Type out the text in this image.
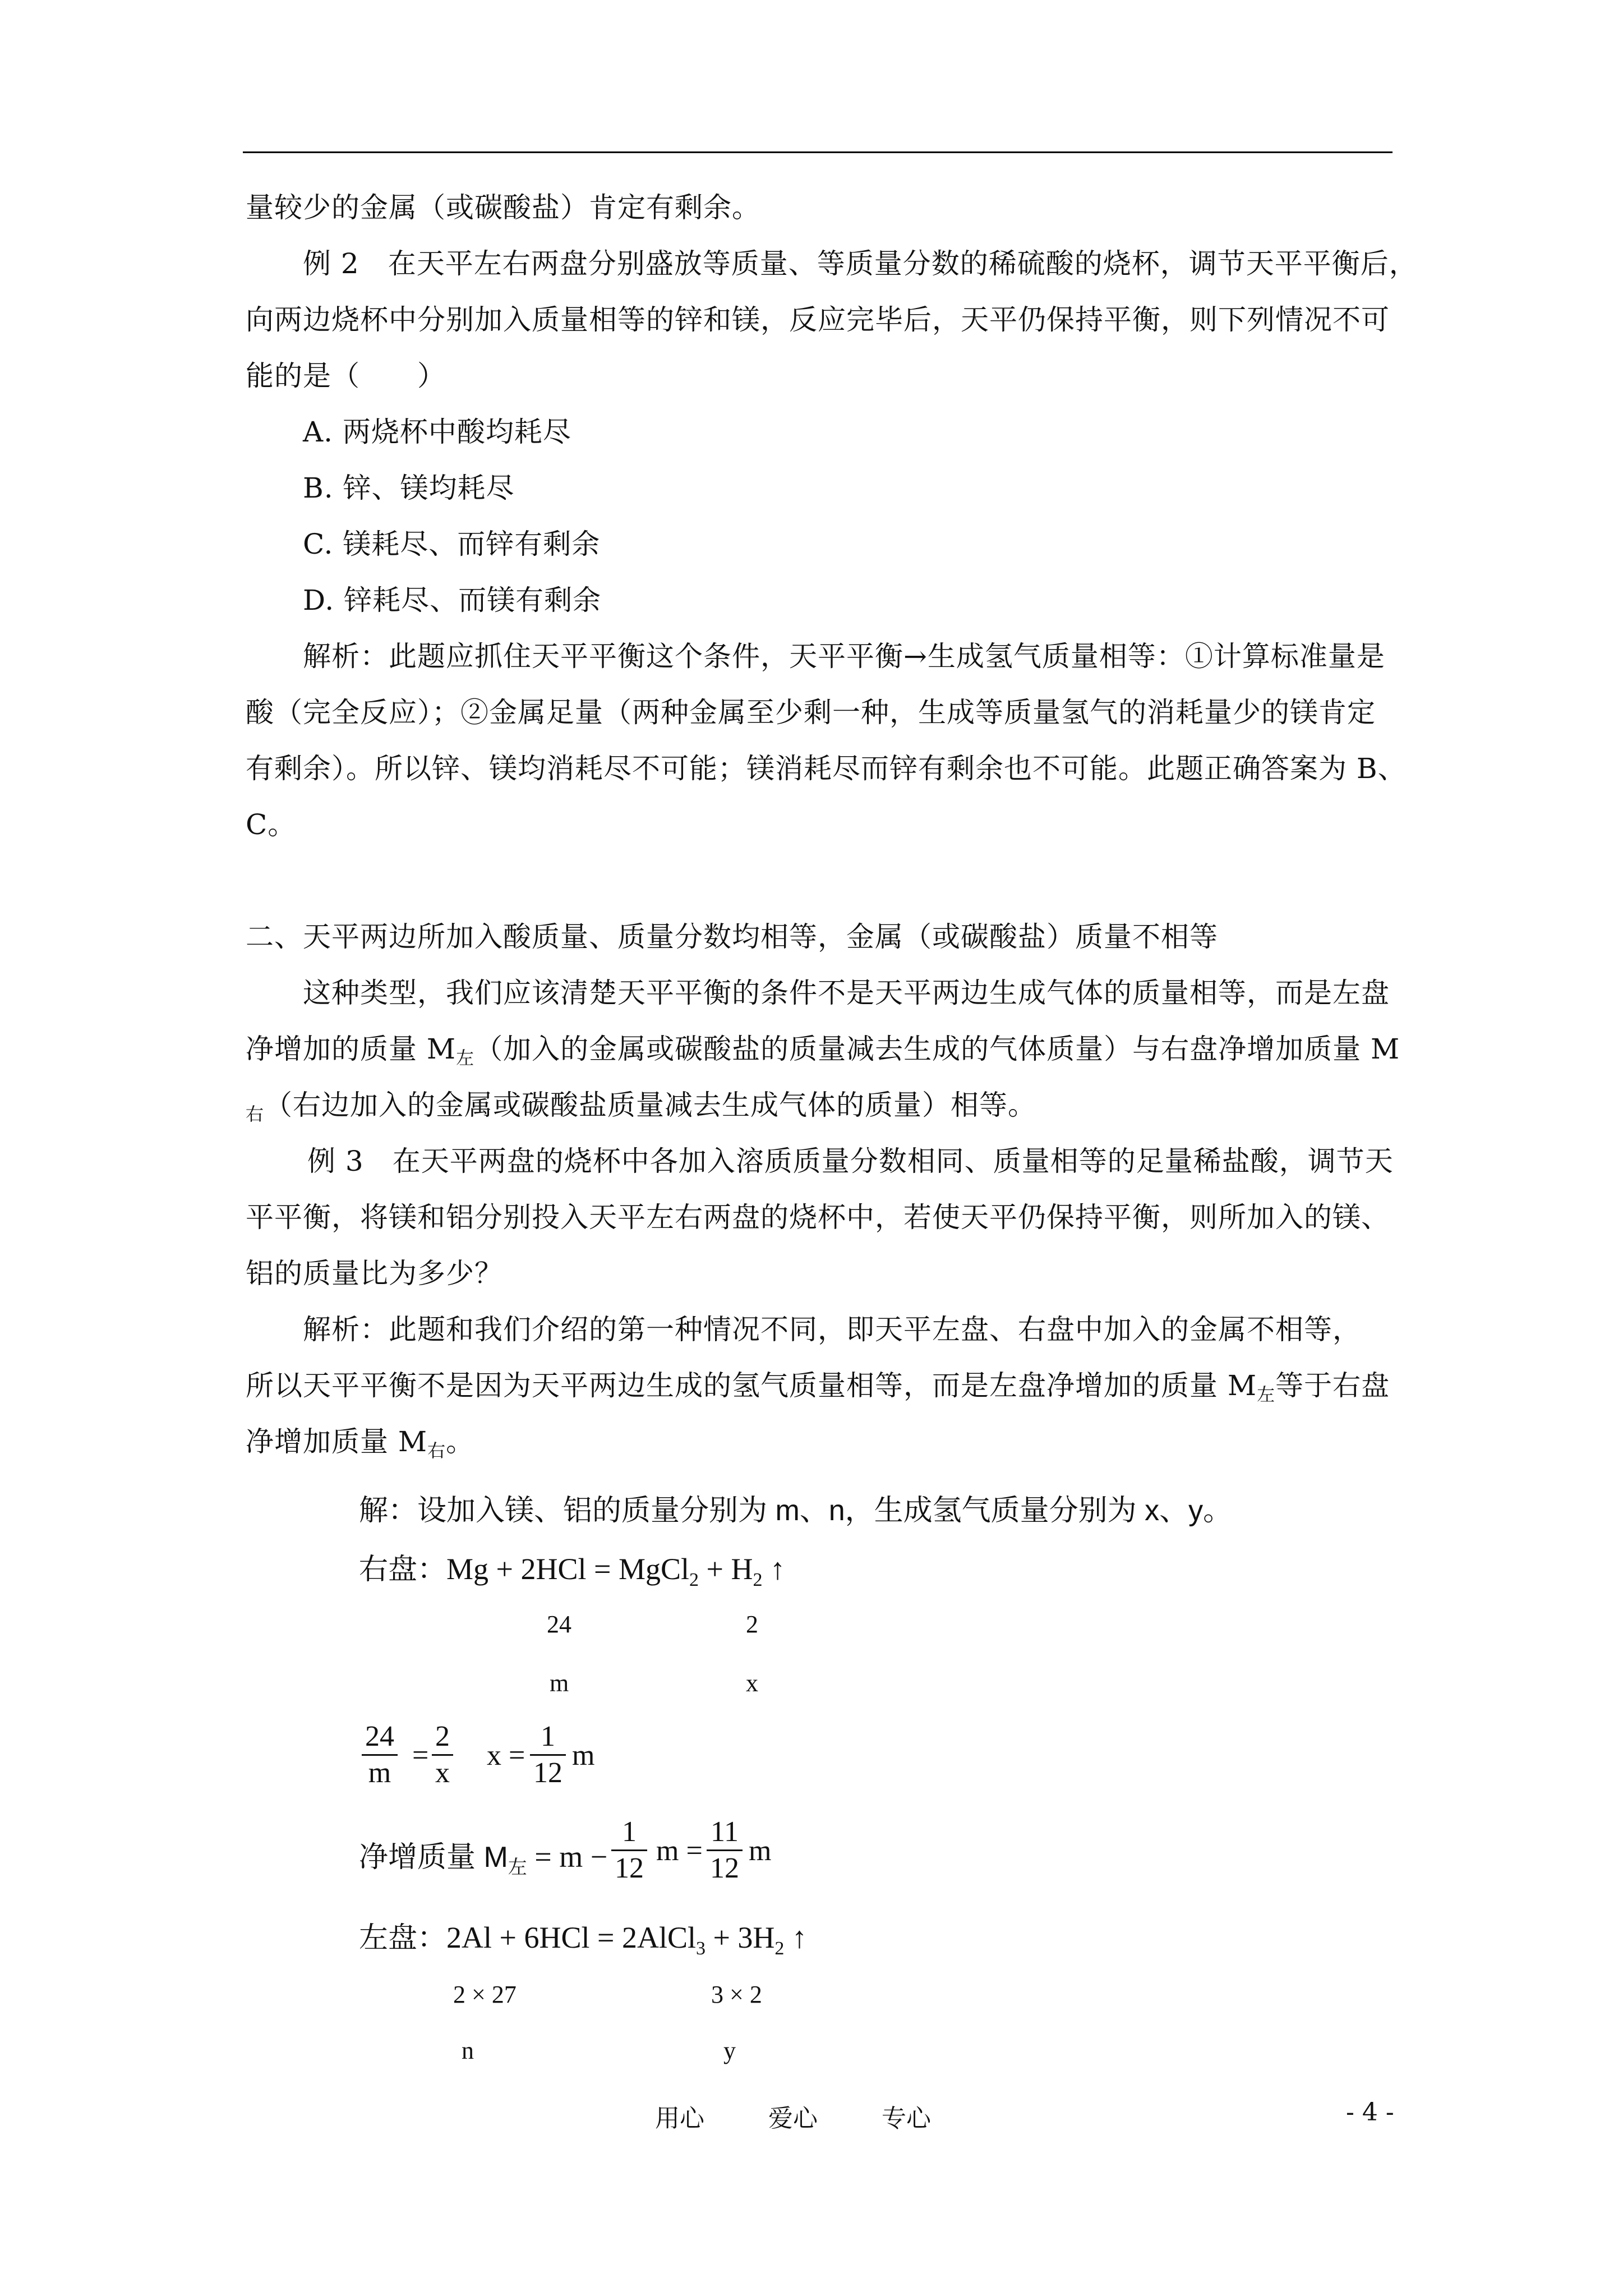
量较少的金属（或碳酸盐）肯定有剩余。
例 2　在天平左右两盘分别盛放等质量、等质量分数的稀硫酸的烧杯，调节天平平衡后，
向两边烧杯中分别加入质量相等的锌和镁，反应完毕后，天平仍保持平衡，则下列情况不可
能的是（　　）
A. 两烧杯中酸均耗尽
B. 锌、镁均耗尽
C. 镁耗尽、而锌有剩余
D. 锌耗尽、而镁有剩余
解析：此题应抓住天平平衡这个条件，天平平衡→生成氢气质量相等：①计算标准量是
酸（完全反应）；②金属足量（两种金属至少剩一种，生成等质量氢气的消耗量少的镁肯定
有剩余）。所以锌、镁均消耗尽不可能；镁消耗尽而锌有剩余也不可能。此题正确答案为 B、
C。
二、天平两边所加入酸质量、质量分数均相等，金属（或碳酸盐）质量不相等
这种类型，我们应该清楚天平平衡的条件不是天平两边生成气体的质量相等，而是左盘
净增加的质量 $M_左$（加入的金属或碳酸盐的质量减去生成的气体质量）与右盘净增加质量 M
$_右$（右边加入的金属或碳酸盐质量减去生成气体的质量）相等。
例 3　在天平两盘的烧杯中各加入溶质质量分数相同、质量相等的足量稀盐酸，调节天
平平衡，将镁和铝分别投入天平左右两盘的烧杯中，若使天平仍保持平衡，则所加入的镁、
铝的质量比为多少？
解析：此题和我们介绍的第一种情况不同，即天平左盘、右盘中加入的金属不相等，
所以天平平衡不是因为天平两边生成的氢气质量相等，而是左盘净增加的质量 $M_左$等于右盘
净增加质量 $M_右$。
解：设加入镁、铝的质量分别为 m、n，生成氢气质量分别为 x、y。
右盘：Mg + 2HCl = MgCl$_2$ + $H_2$ ↑
24	2
m	x
$\frac{24}{m} = \frac{2}{x}$ $x = \frac{1}{12}$ m
净增质量 $M_左 = m - \frac{1}{12}$ $m = \frac{11}{12}$ m
左盘：2Al + 6HCl = 2AlCl$_3$ + $3H_2$ ↑
2 × 27	3 × 2
n	y
用心	爱心	专心	- 4 -
